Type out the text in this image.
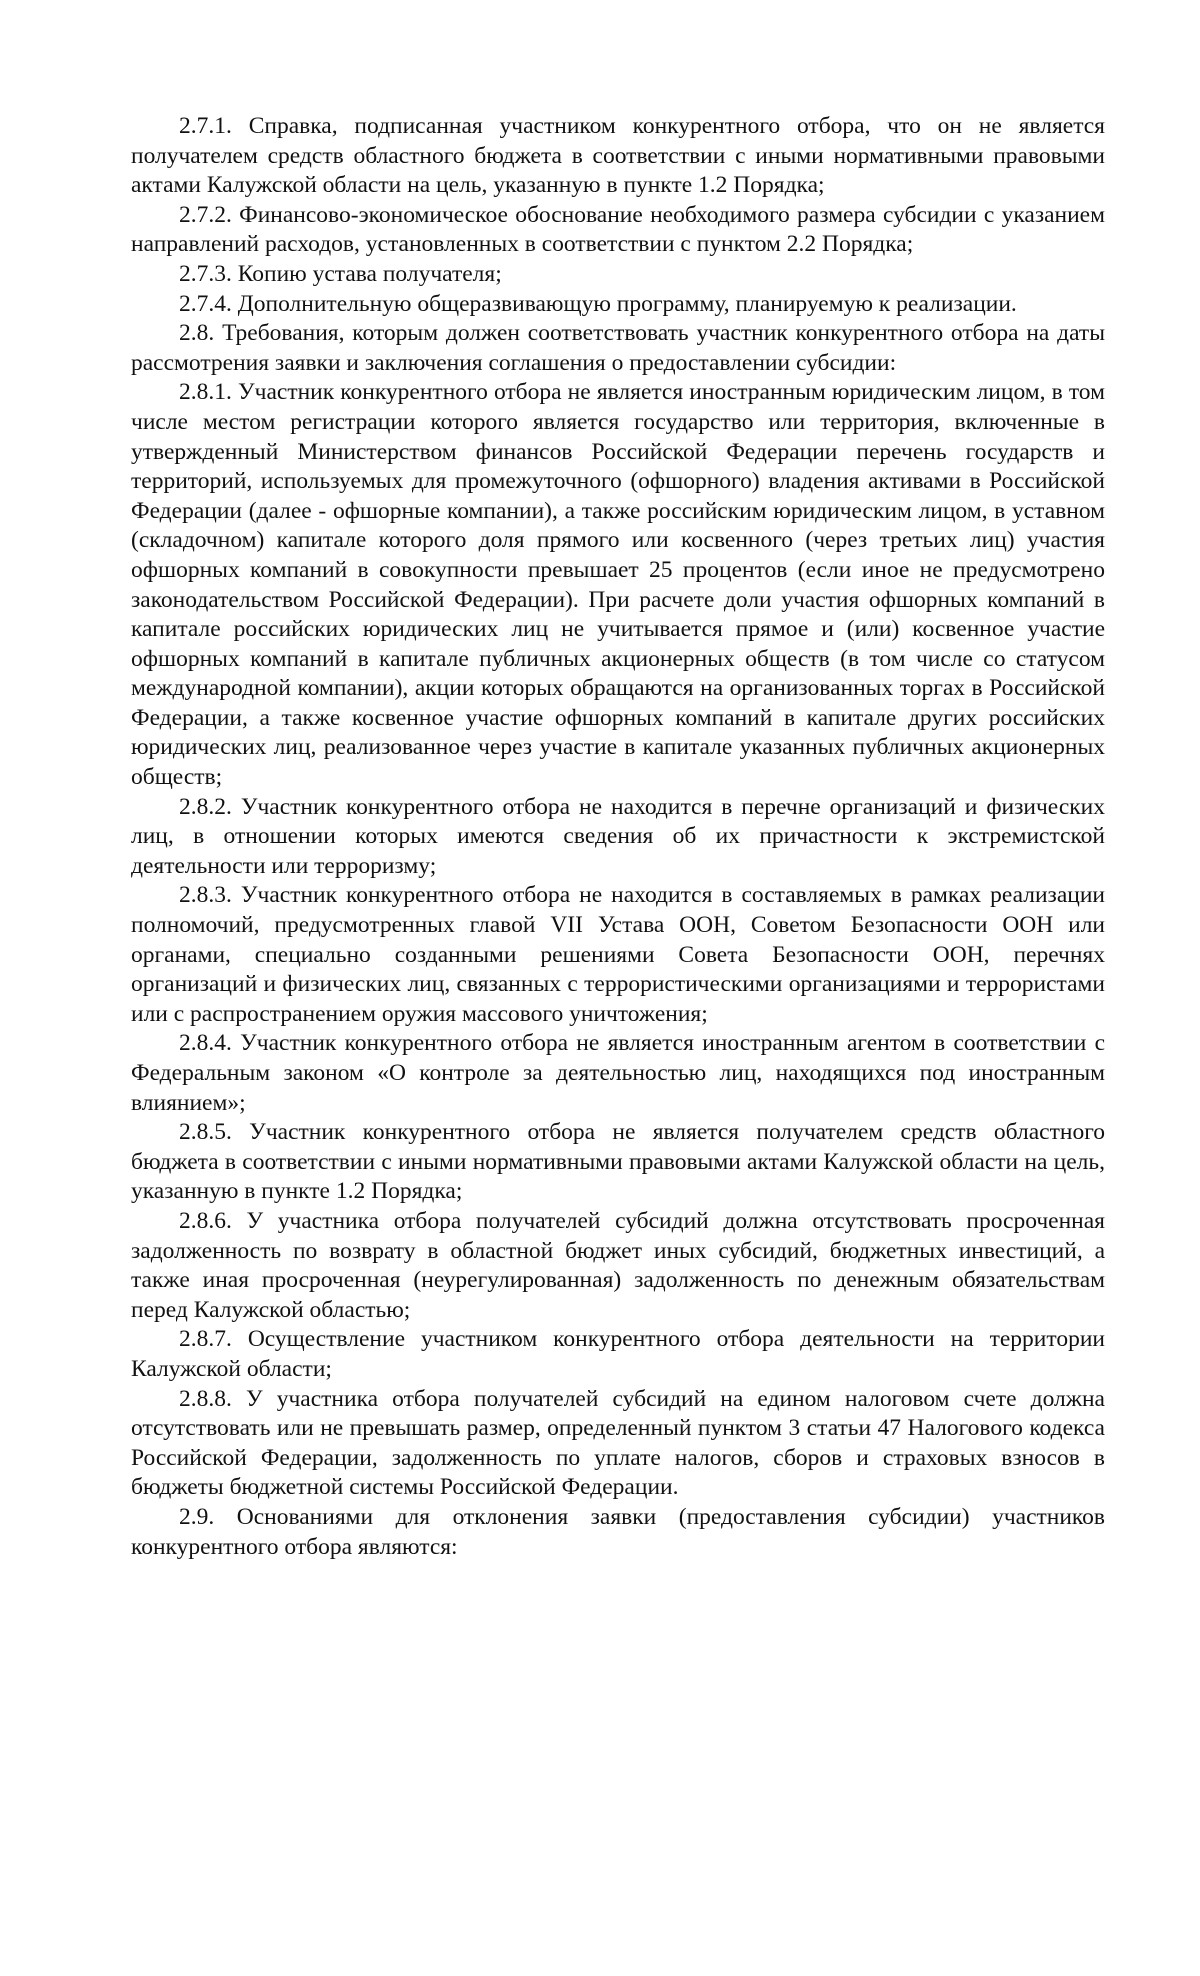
2.7.1. Справка, подписанная участником конкурентного отбора, что он не является получателем средств областного бюджета в соответствии с иными нормативными правовыми актами Калужской области на цель, указанную в пункте 1.2 Порядка;

2.7.2. Финансово-экономическое обоснование необходимого размера субсидии с указанием направлений расходов, установленных в соответствии с пунктом 2.2 Порядка;

2.7.3. Копию устава получателя;

2.7.4. Дополнительную общеразвивающую программу, планируемую к реализации.

2.8. Требования, которым должен соответствовать участник конкурентного отбора на даты рассмотрения заявки и заключения соглашения о предоставлении субсидии:

2.8.1. Участник конкурентного отбора не является иностранным юридическим лицом, в том числе местом регистрации которого является государство или территория, включенные в утвержденный Министерством финансов Российской Федерации перечень государств и территорий, используемых для промежуточного (офшорного) владения активами в Российской Федерации (далее - офшорные компании), а также российским юридическим лицом, в уставном (складочном) капитале которого доля прямого или косвенного (через третьих лиц) участия офшорных компаний в совокупности превышает 25 процентов (если иное не предусмотрено законодательством Российской Федерации). При расчете доли участия офшорных компаний в капитале российских юридических лиц не учитывается прямое и (или) косвенное участие офшорных компаний в капитале публичных акционерных обществ (в том числе со статусом международной компании), акции которых обращаются на организованных торгах в Российской Федерации, а также косвенное участие офшорных компаний в капитале других российских юридических лиц, реализованное через участие в капитале указанных публичных акционерных обществ;

2.8.2. Участник конкурентного отбора не находится в перечне организаций и физических лиц, в отношении которых имеются сведения об их причастности к экстремистской деятельности или терроризму;

2.8.3. Участник конкурентного отбора не находится в составляемых в рамках реализации полномочий, предусмотренных главой VII Устава ООН, Советом Безопасности ООН или органами, специально созданными решениями Совета Безопасности ООН, перечнях организаций и физических лиц, связанных с террористическими организациями и террористами или с распространением оружия массового уничтожения;

2.8.4. Участник конкурентного отбора не является иностранным агентом в соответствии с Федеральным законом «О контроле за деятельностью лиц, находящихся под иностранным влиянием»;

2.8.5. Участник конкурентного отбора не является получателем средств областного бюджета в соответствии с иными нормативными правовыми актами Калужской области на цель, указанную в пункте 1.2 Порядка;

2.8.6. У участника отбора получателей субсидий должна отсутствовать просроченная задолженность по возврату в областной бюджет иных субсидий, бюджетных инвестиций, а также иная просроченная (неурегулированная) задолженность по денежным обязательствам перед Калужской областью;

2.8.7. Осуществление участником конкурентного отбора деятельности на территории Калужской области;

2.8.8. У участника отбора получателей субсидий на едином налоговом счете должна отсутствовать или не превышать размер, определенный пунктом 3 статьи 47 Налогового кодекса Российской Федерации, задолженность по уплате налогов, сборов и страховых взносов в бюджеты бюджетной системы Российской Федерации.

2.9. Основаниями для отклонения заявки (предоставления субсидии) участников конкурентного отбора являются:
